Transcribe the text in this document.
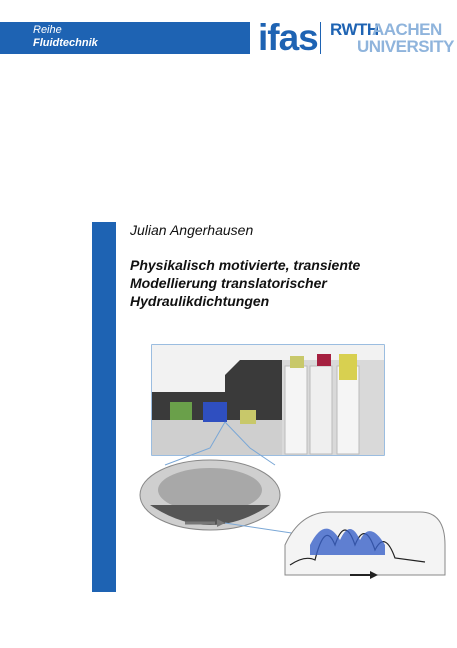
Reihe
Fluidtechnik	ifas RWTH
AACHEN
UNIVERSITY
Julian Angerhausen
Physikalisch motivierte, transiente
Modellierung translatorischer
Hydraulikdichtungen
